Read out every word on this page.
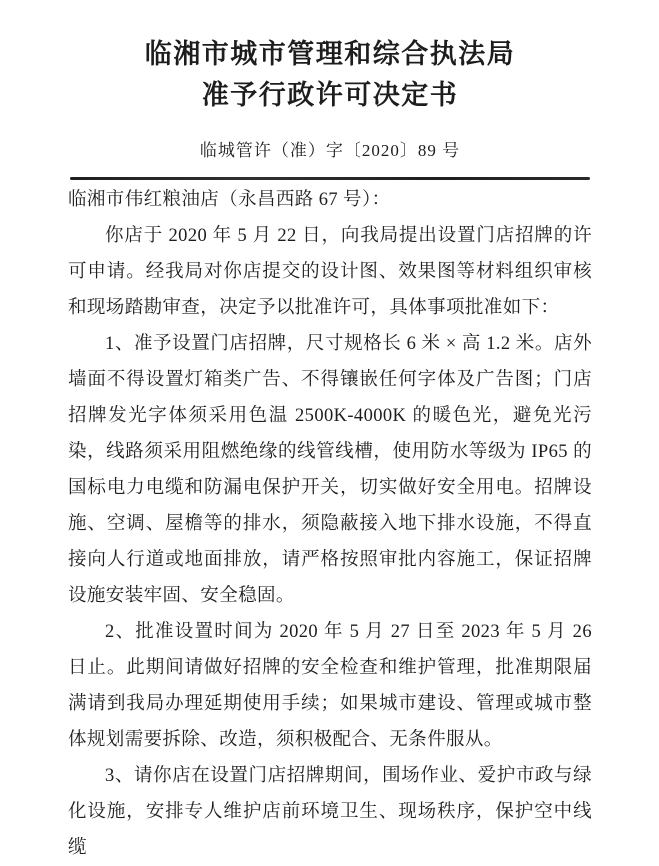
临湘市城市管理和综合执法局
准予行政许可决定书
临城管许（准）字〔2020〕89 号

临湘市伟红粮油店（永昌西路 67 号）：

你店于 2020 年 5 月 22 日，向我局提出设置门店招牌的许可申请。经我局对你店提交的设计图、效果图等材料组织审核和现场踏勘审查，决定予以批准许可，具体事项批准如下：

1、准予设置门店招牌，尺寸规格长 6 米 × 高 1.2 米。店外墙面不得设置灯箱类广告、不得镶嵌任何字体及广告图；门店招牌发光字体须采用色温 2500K-4000K 的暖色光，避免光污染，线路须采用阻燃绝缘的线管线槽，使用防水等级为 IP65 的国标电力电缆和防漏电保护开关，切实做好安全用电。招牌设施、空调、屋檐等的排水，须隐蔽接入地下排水设施，不得直接向人行道或地面排放，请严格按照审批内容施工，保证招牌设施安装牢固、安全稳固。

2、批准设置时间为 2020 年 5 月 27 日至 2023 年 5 月 26 日止。此期间请做好招牌的安全检查和维护管理，批准期限届满请到我局办理延期使用手续；如果城市建设、管理或城市整体规划需要拆除、改造，须积极配合、无条件服从。

3、请你店在设置门店招牌期间，围场作业、爱护市政与绿化设施，安排专人维护店前环境卫生、现场秩序，保护空中线缆
